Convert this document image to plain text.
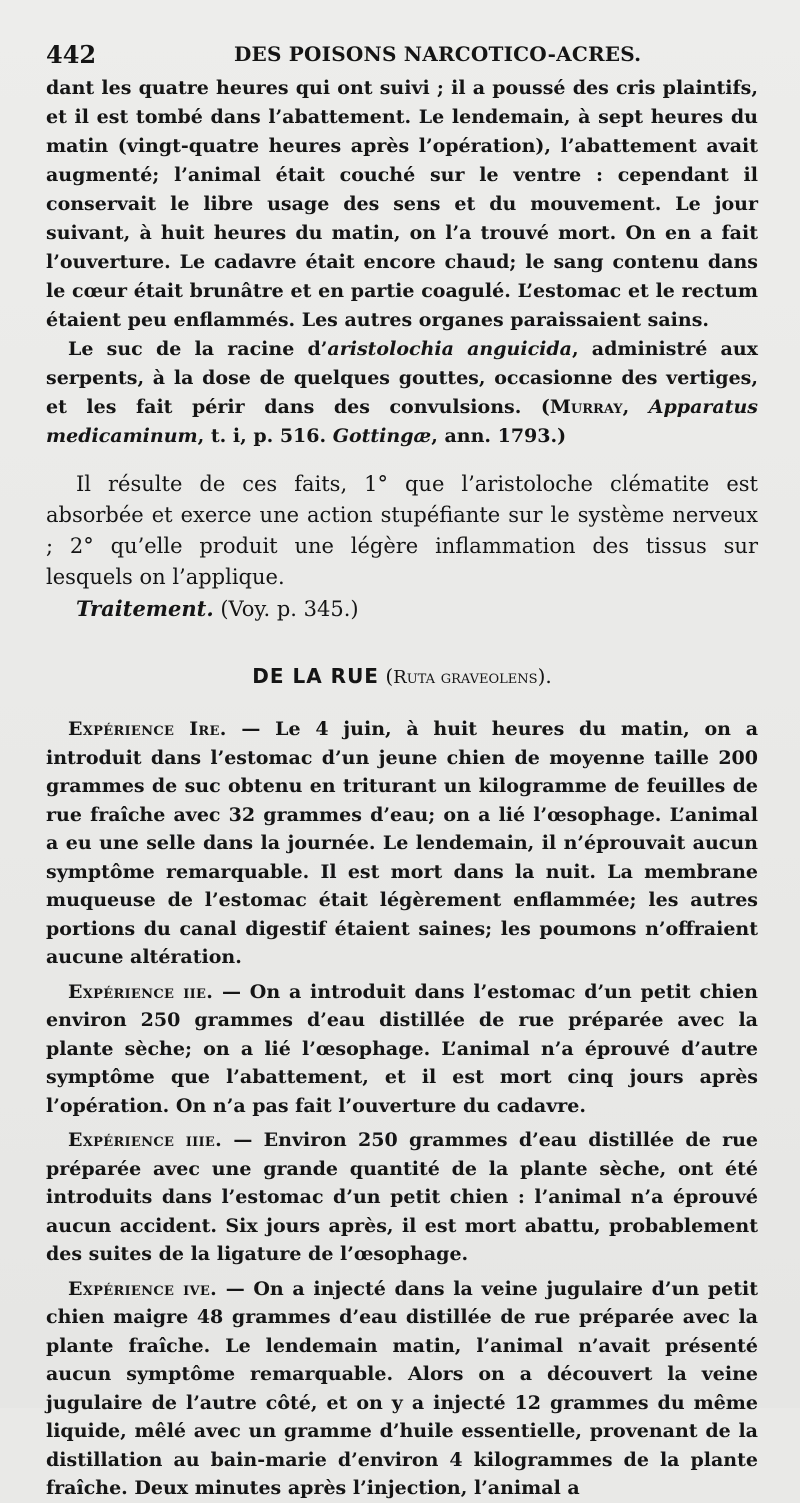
442	DES POISONS NARCOTICO-ACRES.

dant les quatre heures qui ont suivi ; il a poussé des cris plaintifs, et il est tombé dans l’abattement. Le lendemain, à sept heures du matin (vingt-quatre heures après l’opération), l’abattement avait augmenté; l’animal était couché sur le ventre : cependant il conservait le libre usage des sens et du mouvement. Le jour suivant, à huit heures du matin, on l’a trouvé mort. On en a fait l’ouverture. Le cadavre était encore chaud; le sang contenu dans le cœur était brunâtre et en partie coagulé. L’estomac et le rectum étaient peu enflammés. Les autres organes paraissaient sains.

Le suc de la racine d’aristolochia anguicida, administré aux serpents, à la dose de quelques gouttes, occasionne des vertiges, et les fait périr dans des convulsions. (Murray, Apparatus medicaminum, t. i, p. 516. Gottingæ, ann. 1793.)

Il résulte de ces faits, 1° que l’aristoloche clématite est absorbée et exerce une action stupéfiante sur le système nerveux ; 2° qu’elle produit une légère inflammation des tissus sur lesquels on l’applique.

Traitement. (Voy. p. 345.)
DE LA RUE (Ruta graveolens).

Expérience Ire. — Le 4 juin, à huit heures du matin, on a introduit dans l’estomac d’un jeune chien de moyenne taille 200 grammes de suc obtenu en triturant un kilogramme de feuilles de rue fraîche avec 32 grammes d’eau; on a lié l’œsophage. L’animal a eu une selle dans la journée. Le lendemain, il n’éprouvait aucun symptôme remarquable. Il est mort dans la nuit. La membrane muqueuse de l’estomac était légèrement enflammée; les autres portions du canal digestif étaient saines; les poumons n’offraient aucune altération.

Expérience iie. — On a introduit dans l’estomac d’un petit chien environ 250 grammes d’eau distillée de rue préparée avec la plante sèche; on a lié l’œsophage. L’animal n’a éprouvé d’autre symptôme que l’abattement, et il est mort cinq jours après l’opération. On n’a pas fait l’ouverture du cadavre.

Expérience iiie. — Environ 250 grammes d’eau distillée de rue préparée avec une grande quantité de la plante sèche, ont été introduits dans l’estomac d’un petit chien : l’animal n’a éprouvé aucun accident. Six jours après, il est mort abattu, probablement des suites de la ligature de l’œsophage.

Expérience ive. — On a injecté dans la veine jugulaire d’un petit chien maigre 48 grammes d’eau distillée de rue préparée avec la plante fraîche. Le lendemain matin, l’animal n’avait présenté aucun symptôme remarquable. Alors on a découvert la veine jugulaire de l’autre côté, et on y a injecté 12 grammes du même liquide, mêlé avec un gramme d’huile essentielle, provenant de la distillation au bain-marie d’environ 4 kilogrammes de la plante fraîche. Deux minutes après l’injection, l’animal a
